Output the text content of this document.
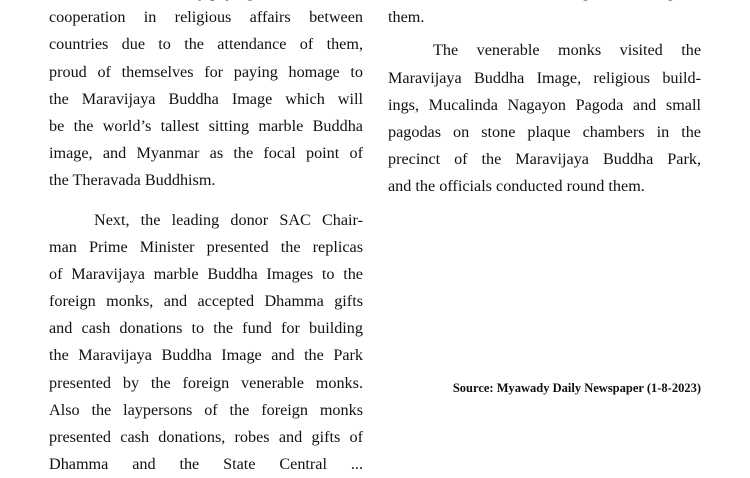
cooperation in religious affairs between
countries due to the attendance of them,
proud of themselves for paying homage to
the Maravijaya Buddha Image which will
be the world’s tallest sitting marble Buddha
image, and Myanmar as the focal point of
the Theravada Buddhism.
Next, the leading donor SAC Chair-
man Prime Minister presented the replicas
of Maravijaya marble Buddha Images to the
foreign monks, and accepted Dhamma gifts
and cash donations to the fund for building
the Maravijaya Buddha Image and the Park
presented by the foreign venerable monks.
Also the laypersons of the foreign monks
presented cash donations, robes and gifts of
Dhamma and the State Central ...
them.
The venerable monks visited the
Maravijaya Buddha Image, religious build-
ings, Mucalinda Nagayon Pagoda and small
pagodas on stone plaque chambers in the
precinct of the Maravijaya Buddha Park,
and the officials conducted round them.
Source: Myawady Daily Newspaper (1-8-2023)
